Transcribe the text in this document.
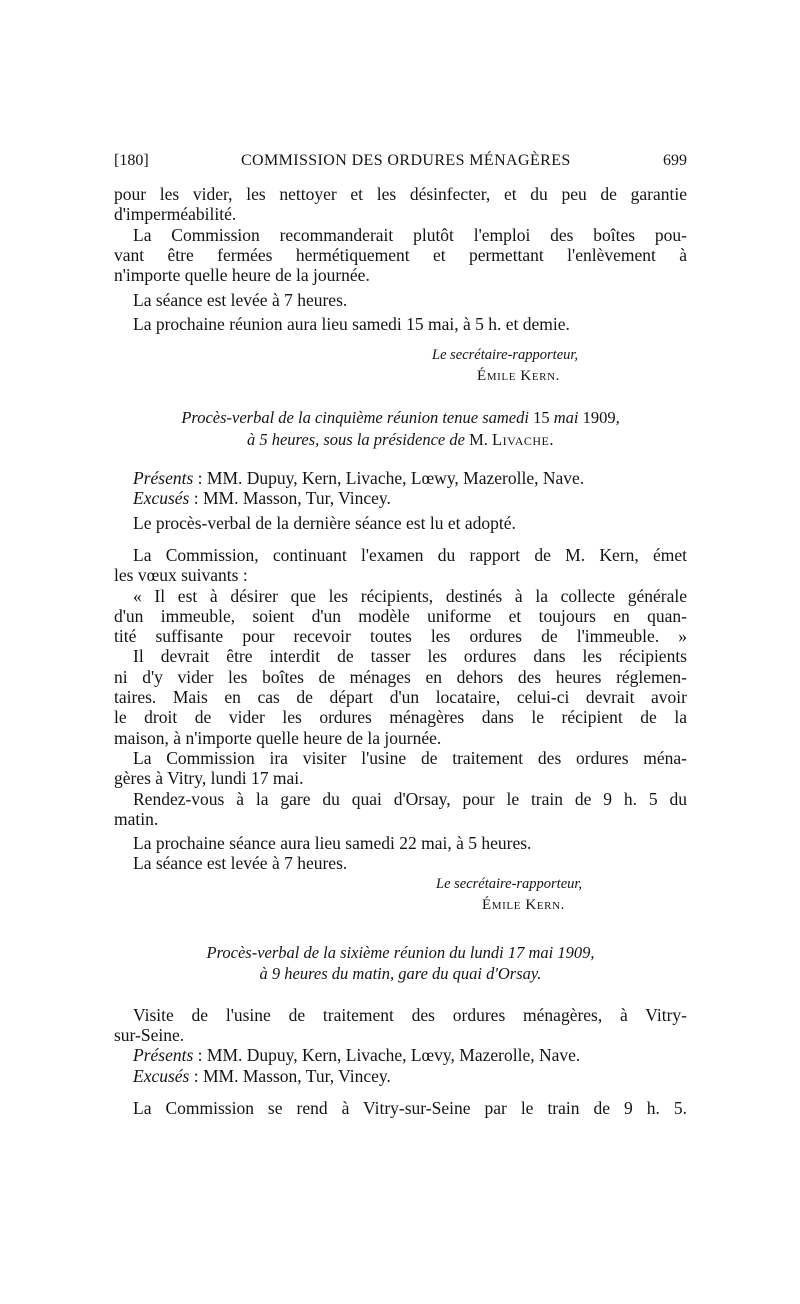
[180]	COMMISSION DES ORDURES MÉNAGÈRES	699
pour les vider, les nettoyer et les désinfecter, et du peu de garantie
d'imperméabilité.
La Commission recommanderait plutôt l'emploi des boîtes pou-
vant être fermées hermétiquement et permettant l'enlèvement à
n'importe quelle heure de la journée.
La séance est levée à 7 heures.
La prochaine réunion aura lieu samedi 15 mai, à 5 h. et demie.
Le secrétaire-rapporteur,
Émile Kern.
Procès-verbal de la cinquième réunion tenue samedi 15 mai 1909,
à 5 heures, sous la présidence de M. Livache.
Présents : MM. Dupuy, Kern, Livache, Lœwy, Mazerolle, Nave.
Excusés : MM. Masson, Tur, Vincey.
Le procès-verbal de la dernière séance est lu et adopté.
La Commission, continuant l'examen du rapport de M. Kern, émet
les vœux suivants :
« Il est à désirer que les récipients, destinés à la collecte générale
d'un immeuble, soient d'un modèle uniforme et toujours en quan-
tité suffisante pour recevoir toutes les ordures de l'immeuble. »
Il devrait être interdit de tasser les ordures dans les récipients
ni d'y vider les boîtes de ménages en dehors des heures réglemen-
taires. Mais en cas de départ d'un locataire, celui-ci devrait avoir
le droit de vider les ordures ménagères dans le récipient de la
maison, à n'importe quelle heure de la journée.
La Commission ira visiter l'usine de traitement des ordures ména-
gères à Vitry, lundi 17 mai.
Rendez-vous à la gare du quai d'Orsay, pour le train de 9 h. 5 du
matin.
La prochaine séance aura lieu samedi 22 mai, à 5 heures.
La séance est levée à 7 heures.
Le secrétaire-rapporteur,
Émile Kern.
Procès-verbal de la sixième réunion du lundi 17 mai 1909,
à 9 heures du matin, gare du quai d'Orsay.
Visite de l'usine de traitement des ordures ménagères, à Vitry-
sur-Seine.
Présents : MM. Dupuy, Kern, Livache, Lœvy, Mazerolle, Nave.
Excusés : MM. Masson, Tur, Vincey.
La Commission se rend à Vitry-sur-Seine par le train de 9 h. 5.
